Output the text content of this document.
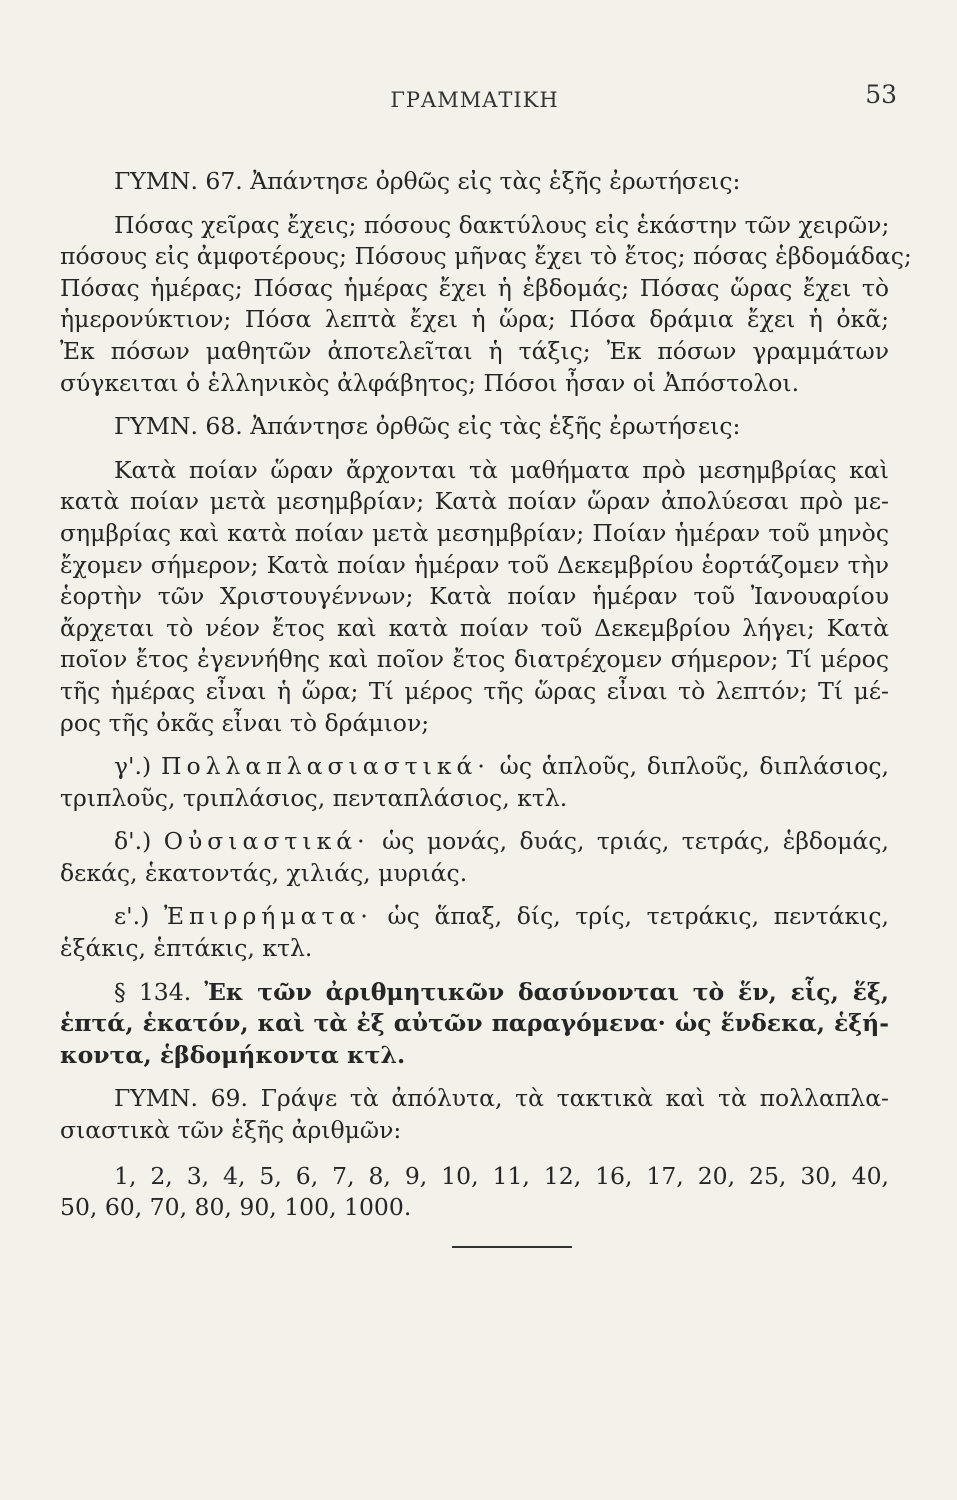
ΓΡΑΜΜΑΤΙΚΗ	53
ΓΥΜΝ. 67. Ἀπάντησε ὀρθῶς εἰς τὰς ἑξῆς ἐρωτήσεις:
Πόσας χεῖρας ἔχεις; πόσους δακτύλους εἰς ἑκάστην τῶν χειρῶν;
πόσους εἰς ἀμφοτέρους; Πόσους μῆνας ἔχει τὸ ἔτος; πόσας ἑβδομάδας;
Πόσας ἡμέρας; Πόσας ἡμέρας ἔχει ἡ ἑβδομάς; Πόσας ὥρας ἔχει τὸ
ἡμερονύκτιον; Πόσα λεπτὰ ἔχει ἡ ὥρα; Πόσα δράμια ἔχει ἡ ὀκᾶ;
Ἐκ πόσων μαθητῶν ἀποτελεῖται ἡ τάξις; Ἐκ πόσων γραμμάτων
σύγκειται ὁ ἑλληνικὸς ἀλφάβητος; Πόσοι ἦσαν οἱ Ἀπόστολοι.
ΓΥΜΝ. 68. Ἀπάντησε ὀρθῶς εἰς τὰς ἑξῆς ἐρωτήσεις:
Κατὰ ποίαν ὥραν ἄρχονται τὰ μαθήματα πρὸ μεσημβρίας καὶ
κατὰ ποίαν μετὰ μεσημβρίαν; Κατὰ ποίαν ὥραν ἀπολύεσαι πρὸ με-
σημβρίας καὶ κατὰ ποίαν μετὰ μεσημβρίαν; Ποίαν ἡμέραν τοῦ μηνὸς
ἔχομεν σήμερον; Κατὰ ποίαν ἡμέραν τοῦ Δεκεμβρίου ἑορτάζομεν τὴν
ἑορτὴν τῶν Χριστουγέννων; Κατὰ ποίαν ἡμέραν τοῦ Ἰανουαρίου
ἄρχεται τὸ νέον ἔτος καὶ κατὰ ποίαν τοῦ Δεκεμβρίου λήγει; Κατὰ
ποῖον ἔτος ἐγεννήθης καὶ ποῖον ἔτος διατρέχομεν σήμερον; Τί μέρος
τῆς ἡμέρας εἶναι ἡ ὥρα; Τί μέρος τῆς ὥρας εἶναι τὸ λεπτόν; Τί μέ-
ρος τῆς ὀκᾶς εἶναι τὸ δράμιον;
γ'.) Πολλαπλασιαστικά· ὡς ἁπλοῦς, διπλοῦς, διπλάσιος,
τριπλοῦς, τριπλάσιος, πενταπλάσιος, κτλ.
δ'.) Οὐσιαστικά· ὡς μονάς, δυάς, τριάς, τετράς, ἑβδομάς,
δεκάς, ἑκατοντάς, χιλιάς, μυριάς.
ε'.) Ἐπιρρήματα· ὡς ἅπαξ, δίς, τρίς, τετράκις, πεντάκις,
ἑξάκις, ἑπτάκις, κτλ.
§ 134. Ἐκ τῶν ἀριθμητικῶν δασύνονται τὸ ἕν, εἷς, ἕξ,
ἑπτά, ἑκατόν, καὶ τὰ ἐξ αὐτῶν παραγόμενα· ὡς ἕνδεκα, ἑξή-
κοντα, ἑβδομήκοντα κτλ.
ΓΥΜΝ. 69. Γράψε τὰ ἀπόλυτα, τὰ τακτικὰ καὶ τὰ πολλαπλα-
σιαστικὰ τῶν ἑξῆς ἀριθμῶν:
1, 2, 3, 4, 5, 6, 7, 8, 9, 10, 11, 12, 16, 17, 20, 25, 30, 40,
50, 60, 70, 80, 90, 100, 1000.
